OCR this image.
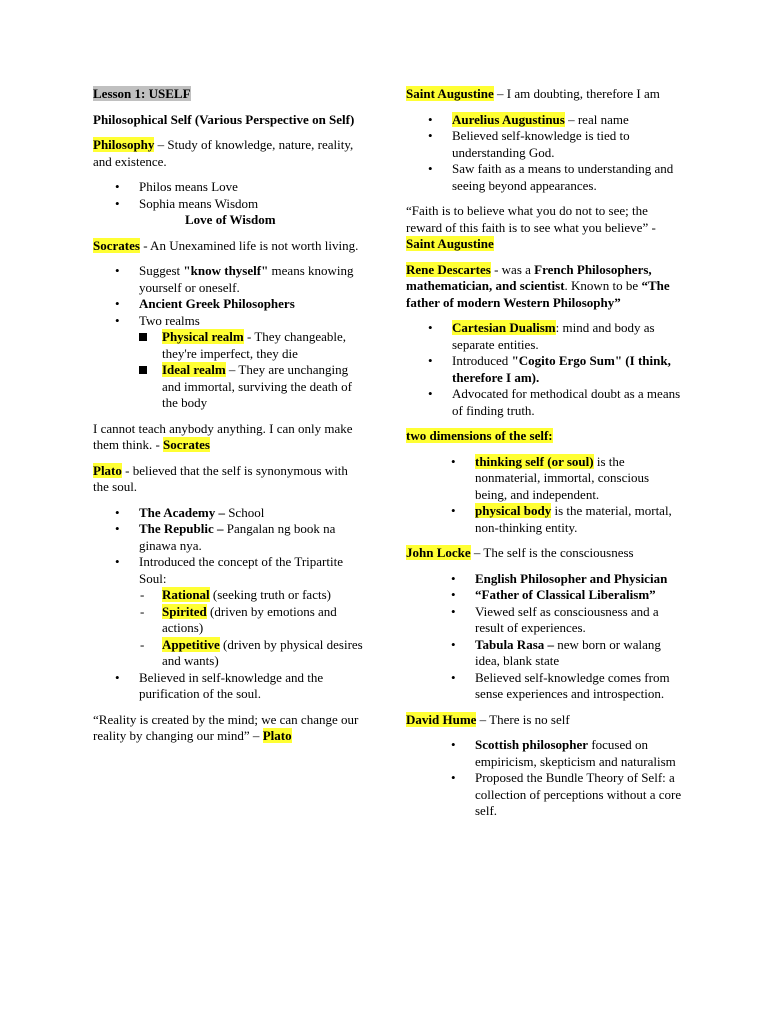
Lesson 1: USELF

Philosophical Self (Various Perspective on Self)

Philosophy – Study of knowledge, nature, reality, and existence.

• Philos means Love
• Sophia means Wisdom

Love of Wisdom

Socrates - An Unexamined life is not worth living.

• Suggest "know thyself" means knowing yourself or oneself.
• Ancient Greek Philosophers
• Two realms
Physical realm - They changeable, they're imperfect, they die
Ideal realm – They are unchanging and immortal, surviving the death of the body

I cannot teach anybody anything. I can only make them think. - Socrates

Plato - believed that the self is synonymous with the soul.

• The Academy – School
• The Republic – Pangalan ng book na ginawa nya.
• Introduced the concept of the Tripartite Soul:
- Rational (seeking truth or facts)
- Spirited (driven by emotions and actions)
- Appetitive (driven by physical desires and wants)
• Believed in self-knowledge and the purification of the soul.

“Reality is created by the mind; we can change our reality by changing our mind” – Plato

Saint Augustine – I am doubting, therefore I am

• Aurelius Augustinus – real name
• Believed self-knowledge is tied to understanding God.
• Saw faith as a means to understanding and seeing beyond appearances.

“Faith is to believe what you do not to see; the reward of this faith is to see what you believe” - Saint Augustine

Rene Descartes - was a French Philosophers, mathematician, and scientist. Known to be “The father of modern Western Philosophy”

• Cartesian Dualism: mind and body as separate entities.
• Introduced "Cogito Ergo Sum" (I think, therefore I am).
• Advocated for methodical doubt as a means of finding truth.

two dimensions of the self:

• thinking self (or soul) is the nonmaterial, immortal, conscious being, and independent.
• physical body is the material, mortal, non-thinking entity.

John Locke – The self is the consciousness

• English Philosopher and Physician
• “Father of Classical Liberalism”
• Viewed self as consciousness and a result of experiences.
• Tabula Rasa – new born or walang idea, blank state
• Believed self-knowledge comes from sense experiences and introspection.

David Hume – There is no self

• Scottish philosopher focused on empiricism, skepticism and naturalism
• Proposed the Bundle Theory of Self: a collection of perceptions without a core self.
